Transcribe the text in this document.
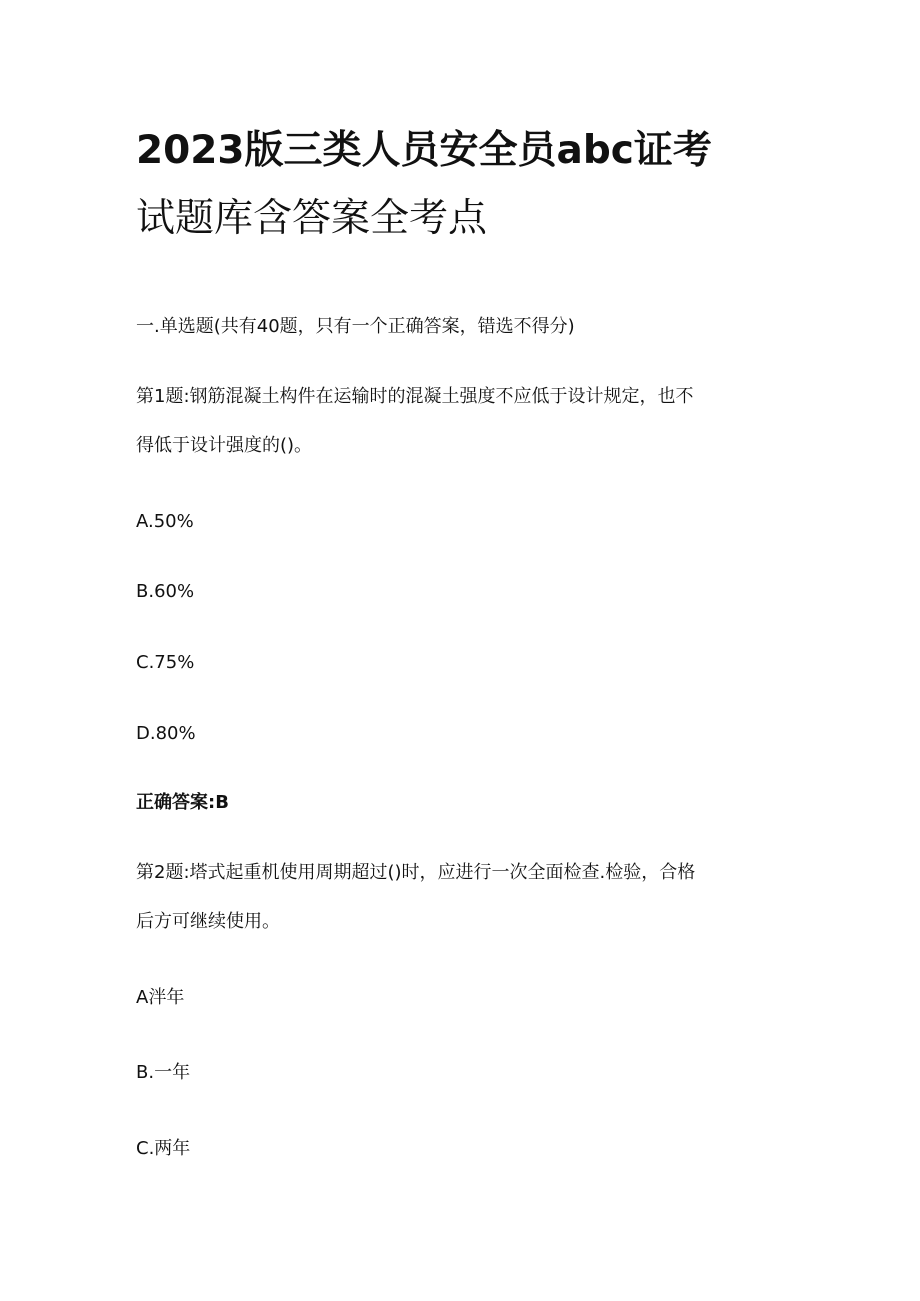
2023版三类人员安全员abc证考
试题库含答案全考点
一.单选题(共有40题，只有一个正确答案，错选不得分)
第1题:钢筋混凝土构件在运输时的混凝土强度不应低于设计规定，也不
得低于设计强度的()。
A.50%
B.60%
C.75%
D.80%
正确答案:B
第2题:塔式起重机使用周期超过()时，应进行一次全面检查.检验，合格
后方可继续使用。
A泮年
B.一年
C.两年
